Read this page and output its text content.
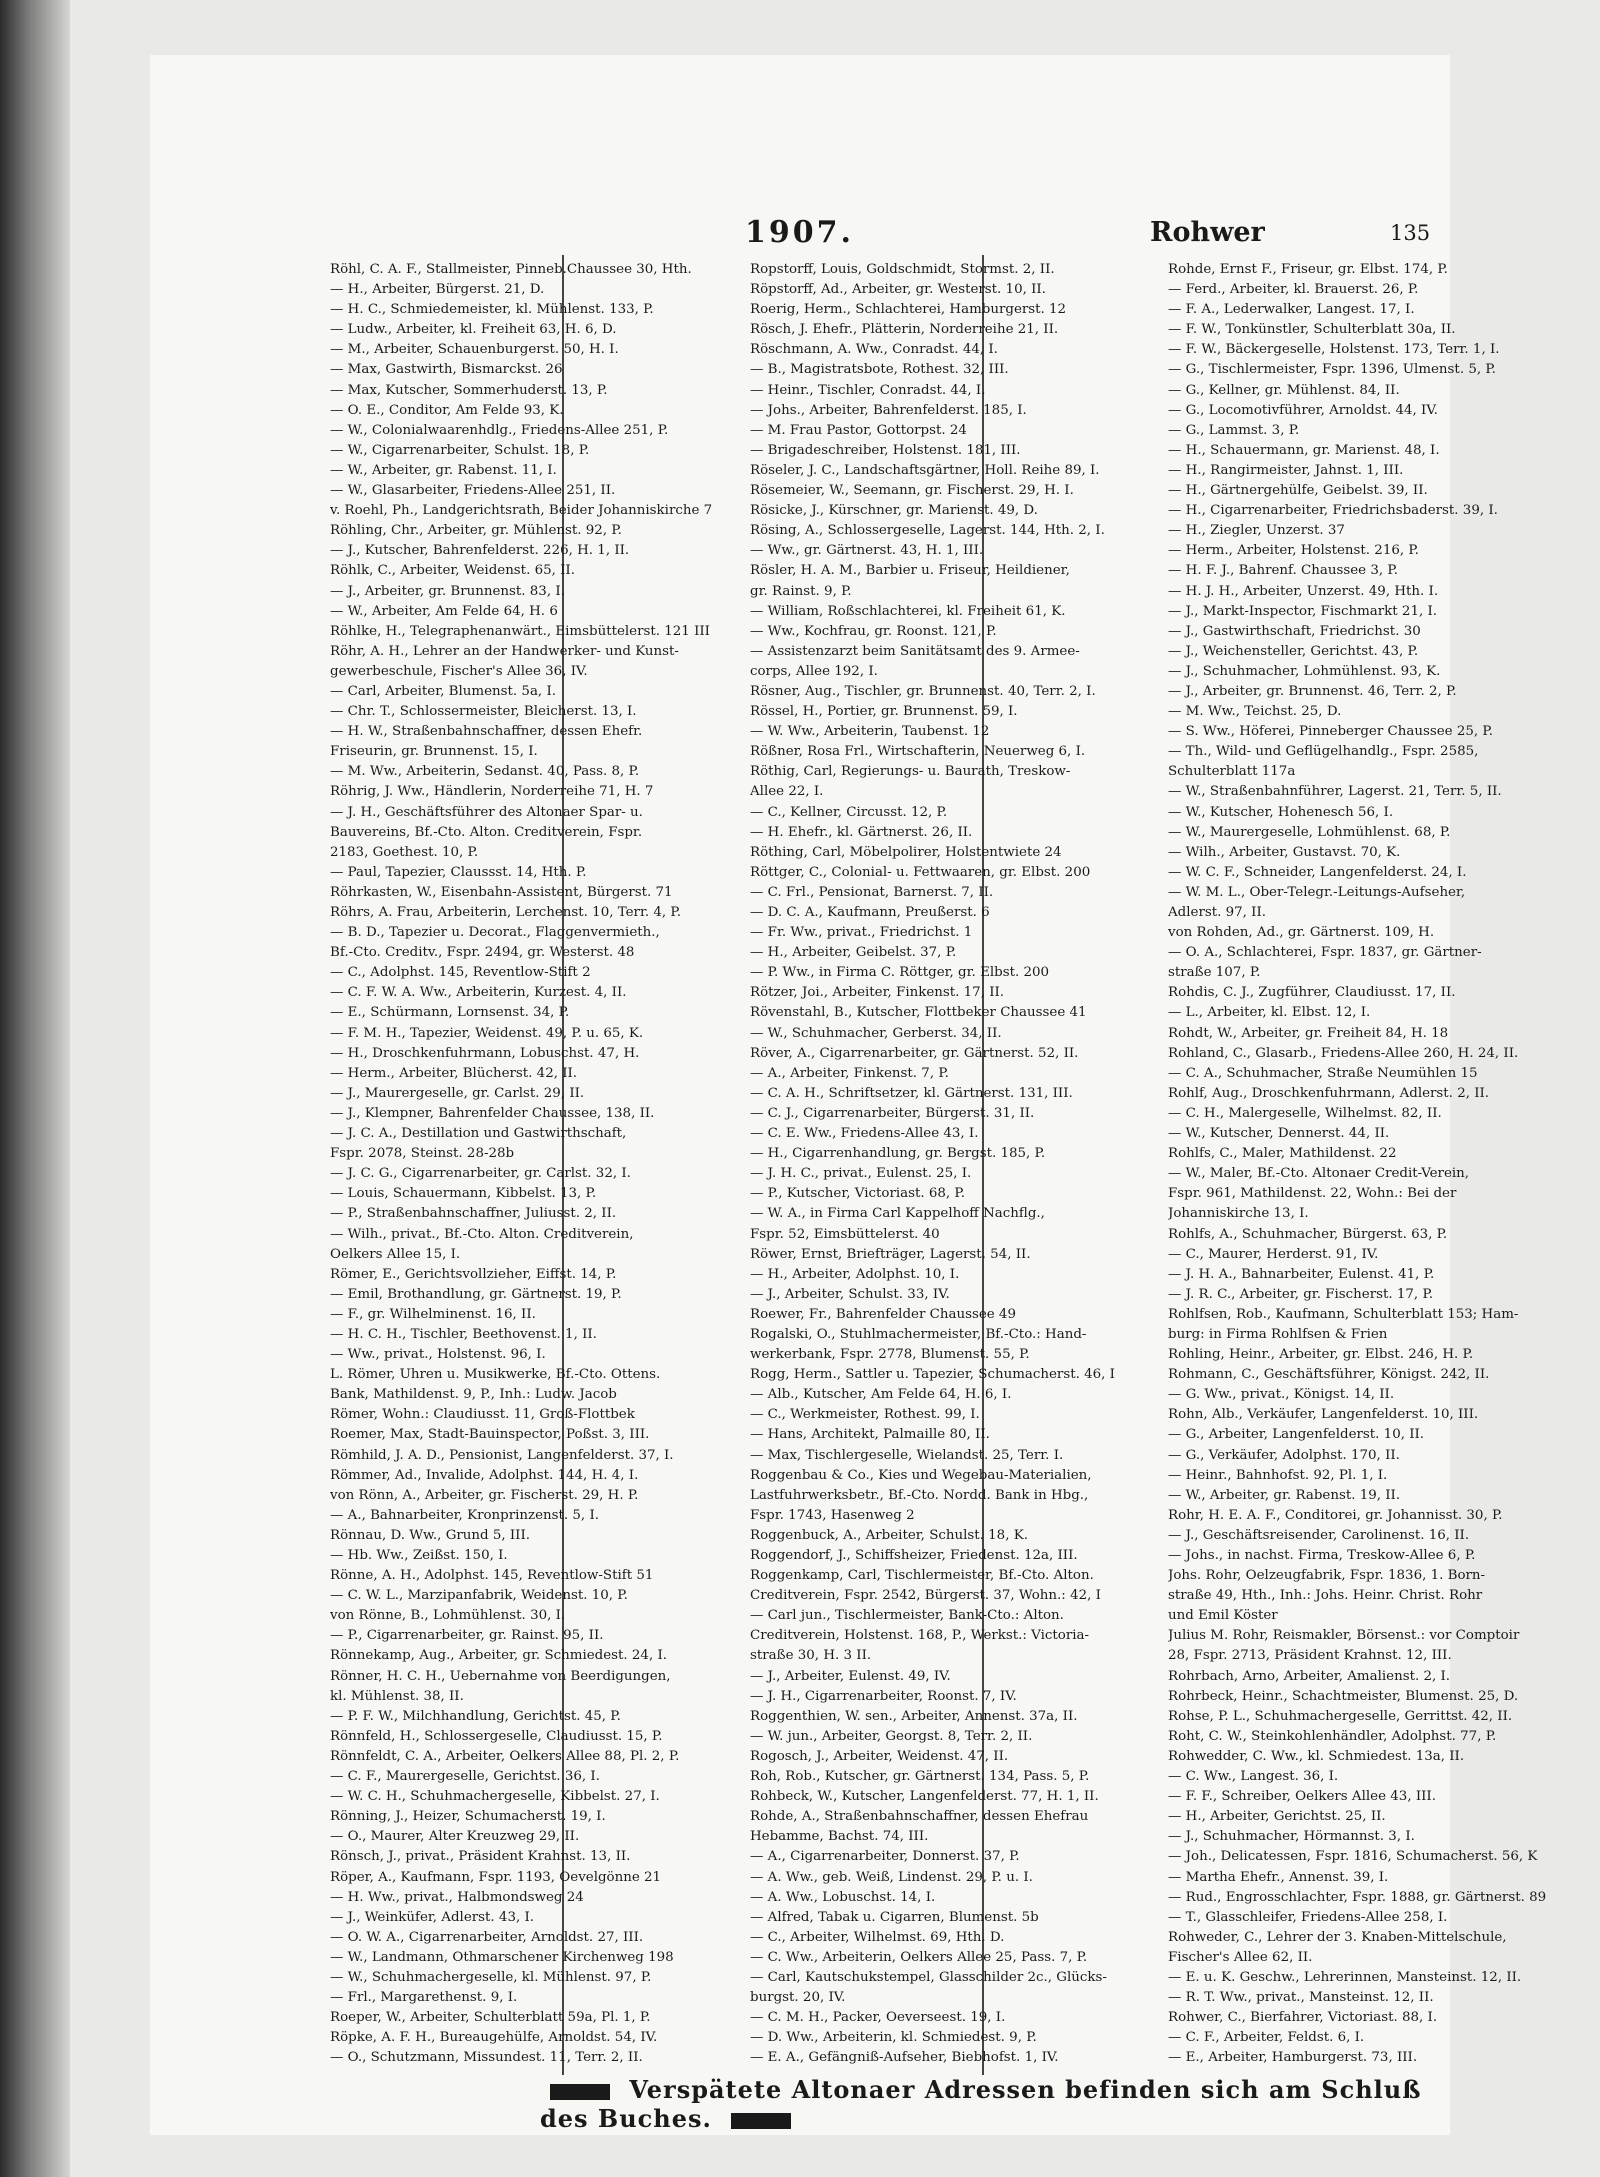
1907.	Rohwer	135
Röhl, C. A. F., Stallmeister, Pinneb.Chaussee 30, Hth.
— H., Arbeiter, Bürgerst. 21, D.
— H. C., Schmiedemeister, kl. Mühlenst. 133, P.
— Ludw., Arbeiter, kl. Freiheit 63, H. 6, D.
— M., Arbeiter, Schauenburgerst. 50, H. I.
— Max, Gastwirth, Bismarckst. 26
— Max, Kutscher, Sommerhuderst. 13, P.
— O. E., Conditor, Am Felde 93, K.
— W., Colonialwaarenhdlg., Friedens-Allee 251, P.
— W., Cigarrenarbeiter, Schulst. 18, P.
— W., Arbeiter, gr. Rabenst. 11, I.
— W., Glasarbeiter, Friedens-Allee 251, II.
v. Roehl, Ph., Landgerichtsrath, Beider Johanniskirche 7
Röhling, Chr., Arbeiter, gr. Mühlenst. 92, P.
— J., Kutscher, Bahrenfelderst. 226, H. 1, II.
Röhlk, C., Arbeiter, Weidenst. 65, II.
— J., Arbeiter, gr. Brunnenst. 83, I.
— W., Arbeiter, Am Felde 64, H. 6
Röhlke, H., Telegraphenanwärt., Eimsbüttelerst. 121 III
Röhr, A. H., Lehrer an der Handwerker- und Kunst-
gewerbeschule, Fischer's Allee 36, IV.
— Carl, Arbeiter, Blumenst. 5a, I.
— Chr. T., Schlossermeister, Bleicherst. 13, I.
— H. W., Straßenbahnschaffner, dessen Ehefr.
Friseurin, gr. Brunnenst. 15, I.
— M. Ww., Arbeiterin, Sedanst. 40, Pass. 8, P.
Röhrig, J. Ww., Händlerin, Norderreihe 71, H. 7
— J. H., Geschäftsführer des Altonaer Spar- u.
Bauvereins, Bf.-Cto. Alton. Creditverein, Fspr.
2183, Goethest. 10, P.
— Paul, Tapezier, Claussst. 14, Hth. P.
Röhrkasten, W., Eisenbahn-Assistent, Bürgerst. 71
Röhrs, A. Frau, Arbeiterin, Lerchenst. 10, Terr. 4, P.
— B. D., Tapezier u. Decorat., Flaggenvermieth.,
Bf.-Cto. Creditv., Fspr. 2494, gr. Westerst. 48
— C., Adolphst. 145, Reventlow-Stift 2
— C. F. W. A. Ww., Arbeiterin, Kurzest. 4, II.
— E., Schürmann, Lornsenst. 34, P.
— F. M. H., Tapezier, Weidenst. 49, P. u. 65, K.
— H., Droschkenfuhrmann, Lobuschst. 47, H.
— Herm., Arbeiter, Blücherst. 42, II.
— J., Maurergeselle, gr. Carlst. 29, II.
— J., Klempner, Bahrenfelder Chaussee, 138, II.
— J. C. A., Destillation und Gastwirthschaft,
Fspr. 2078, Steinst. 28-28b
— J. C. G., Cigarrenarbeiter, gr. Carlst. 32, I.
— Louis, Schauermann, Kibbelst. 13, P.
— P., Straßenbahnschaffner, Juliusst. 2, II.
— Wilh., privat., Bf.-Cto. Alton. Creditverein,
Oelkers Allee 15, I.
Römer, E., Gerichtsvollzieher, Eiffst. 14, P.
— Emil, Brothandlung, gr. Gärtnerst. 19, P.
— F., gr. Wilhelminenst. 16, II.
— H. C. H., Tischler, Beethovenst. 1, II.
— Ww., privat., Holstenst. 96, I.
L. Römer, Uhren u. Musikwerke, Bf.-Cto. Ottens.
Bank, Mathildenst. 9, P., Inh.: Ludw. Jacob
Römer, Wohn.: Claudiusst. 11, Groß-Flottbek
Roemer, Max, Stadt-Bauinspector, Poßst. 3, III.
Römhild, J. A. D., Pensionist, Langenfelderst. 37, I.
Römmer, Ad., Invalide, Adolphst. 144, H. 4, I.
von Rönn, A., Arbeiter, gr. Fischerst. 29, H. P.
— A., Bahnarbeiter, Kronprinzenst. 5, I.
Rönnau, D. Ww., Grund 5, III.
— Hb. Ww., Zeißst. 150, I.
Rönne, A. H., Adolphst. 145, Reventlow-Stift 51
— C. W. L., Marzipanfabrik, Weidenst. 10, P.
von Rönne, B., Lohmühlenst. 30, I.
— P., Cigarrenarbeiter, gr. Rainst. 95, II.
Rönnekamp, Aug., Arbeiter, gr. Schmiedest. 24, I.
Rönner, H. C. H., Uebernahme von Beerdigungen,
kl. Mühlenst. 38, II.
— P. F. W., Milchhandlung, Gerichtst. 45, P.
Rönnfeld, H., Schlossergeselle, Claudiusst. 15, P.
Rönnfeldt, C. A., Arbeiter, Oelkers Allee 88, Pl. 2, P.
— C. F., Maurergeselle, Gerichtst. 36, I.
— W. C. H., Schuhmachergeselle, Kibbelst. 27, I.
Rönning, J., Heizer, Schumacherst. 19, I.
— O., Maurer, Alter Kreuzweg 29, II.
Rönsch, J., privat., Präsident Krahnst. 13, II.
Röper, A., Kaufmann, Fspr. 1193, Oevelgönne 21
— H. Ww., privat., Halbmondsweg 24
— J., Weinküfer, Adlerst. 43, I.
— O. W. A., Cigarrenarbeiter, Arnoldst. 27, III.
— W., Landmann, Othmarschener Kirchenweg 198
— W., Schuhmachergeselle, kl. Mühlenst. 97, P.
— Frl., Margarethenst. 9, I.
Roeper, W., Arbeiter, Schulterblatt 59a, Pl. 1, P.
Röpke, A. F. H., Bureaugehülfe, Arnoldst. 54, IV.
— O., Schutzmann, Missundest. 11, Terr. 2, II.
Ropstorff, Louis, Goldschmidt, Stormst. 2, II.
Röpstorff, Ad., Arbeiter, gr. Westerst. 10, II.
Roerig, Herm., Schlachterei, Hamburgerst. 12
Rösch, J. Ehefr., Plätterin, Norderreihe 21, II.
Röschmann, A. Ww., Conradst. 44, I.
— B., Magistratsbote, Rothest. 32, III.
— Heinr., Tischler, Conradst. 44, I.
— Johs., Arbeiter, Bahrenfelderst. 185, I.
— M. Frau Pastor, Gottorpst. 24
— Brigadeschreiber, Holstenst. 181, III.
Röseler, J. C., Landschaftsgärtner, Holl. Reihe 89, I.
Rösemeier, W., Seemann, gr. Fischerst. 29, H. I.
Rösicke, J., Kürschner, gr. Marienst. 49, D.
Rösing, A., Schlossergeselle, Lagerst. 144, Hth. 2, I.
— Ww., gr. Gärtnerst. 43, H. 1, III.
Rösler, H. A. M., Barbier u. Friseur, Heildiener,
gr. Rainst. 9, P.
— William, Roßschlachterei, kl. Freiheit 61, K.
— Ww., Kochfrau, gr. Roonst. 121, P.
— Assistenzarzt beim Sanitätsamt des 9. Armee-
corps, Allee 192, I.
Rösner, Aug., Tischler, gr. Brunnenst. 40, Terr. 2, I.
Rössel, H., Portier, gr. Brunnenst. 59, I.
— W. Ww., Arbeiterin, Taubenst. 12
Rößner, Rosa Frl., Wirtschafterin, Neuerweg 6, I.
Röthig, Carl, Regierungs- u. Baurath, Treskow-
Allee 22, I.
— C., Kellner, Circusst. 12, P.
— H. Ehefr., kl. Gärtnerst. 26, II.
Röthing, Carl, Möbelpolirer, Holstentwiete 24
Röttger, C., Colonial- u. Fettwaaren, gr. Elbst. 200
— C. Frl., Pensionat, Barnerst. 7, II.
— D. C. A., Kaufmann, Preußerst. 6
— Fr. Ww., privat., Friedrichst. 1
— H., Arbeiter, Geibelst. 37, P.
— P. Ww., in Firma C. Röttger, gr. Elbst. 200
Rötzer, Joi., Arbeiter, Finkenst. 17, II.
Rövenstahl, B., Kutscher, Flottbeker Chaussee 41
— W., Schuhmacher, Gerberst. 34, II.
Röver, A., Cigarrenarbeiter, gr. Gärtnerst. 52, II.
— A., Arbeiter, Finkenst. 7, P.
— C. A. H., Schriftsetzer, kl. Gärtnerst. 131, III.
— C. J., Cigarrenarbeiter, Bürgerst. 31, II.
— C. E. Ww., Friedens-Allee 43, I.
— H., Cigarrenhandlung, gr. Bergst. 185, P.
— J. H. C., privat., Eulenst. 25, I.
— P., Kutscher, Victoriast. 68, P.
— W. A., in Firma Carl Kappelhoff Nachflg.,
Fspr. 52, Eimsbüttelerst. 40
Röwer, Ernst, Briefträger, Lagerst. 54, II.
— H., Arbeiter, Adolphst. 10, I.
— J., Arbeiter, Schulst. 33, IV.
Roewer, Fr., Bahrenfelder Chaussee 49
Rogalski, O., Stuhlmachermeister, Bf.-Cto.: Hand-
werkerbank, Fspr. 2778, Blumenst. 55, P.
Rogg, Herm., Sattler u. Tapezier, Schumacherst. 46, I
— Alb., Kutscher, Am Felde 64, H. 6, I.
— C., Werkmeister, Rothest. 99, I.
— Hans, Architekt, Palmaille 80, II.
— Max, Tischlergeselle, Wielandst. 25, Terr. I.
Roggenbau & Co., Kies und Wegebau-Materialien,
Lastfuhrwerksbetr., Bf.-Cto. Nordd. Bank in Hbg.,
Fspr. 1743, Hasenweg 2
Roggenbuck, A., Arbeiter, Schulst. 18, K.
Roggendorf, J., Schiffsheizer, Friedenst. 12a, III.
Roggenkamp, Carl, Tischlermeister, Bf.-Cto. Alton.
Creditverein, Fspr. 2542, Bürgerst. 37, Wohn.: 42, I
— Carl jun., Tischlermeister, Bank-Cto.: Alton.
Creditverein, Holstenst. 168, P., Werkst.: Victoria-
straße 30, H. 3 II.
— J., Arbeiter, Eulenst. 49, IV.
— J. H., Cigarrenarbeiter, Roonst. 7, IV.
Roggenthien, W. sen., Arbeiter, Annenst. 37a, II.
— W. jun., Arbeiter, Georgst. 8, Terr. 2, II.
Rogosch, J., Arbeiter, Weidenst. 47, II.
Roh, Rob., Kutscher, gr. Gärtnerst. 134, Pass. 5, P.
Rohbeck, W., Kutscher, Langenfelderst. 77, H. 1, II.
Rohde, A., Straßenbahnschaffner, dessen Ehefrau
Hebamme, Bachst. 74, III.
— A., Cigarrenarbeiter, Donnerst. 37, P.
— A. Ww., geb. Weiß, Lindenst. 29, P. u. I.
— A. Ww., Lobuschst. 14, I.
— Alfred, Tabak u. Cigarren, Blumenst. 5b
— C., Arbeiter, Wilhelmst. 69, Hth. D.
— C. Ww., Arbeiterin, Oelkers Allee 25, Pass. 7, P.
— Carl, Kautschukstempel, Glasschilder 2c., Glücks-
burgst. 20, IV.
— C. M. H., Packer, Oeverseest. 19, I.
— D. Ww., Arbeiterin, kl. Schmiedest. 9, P.
— E. A., Gefängniß-Aufseher, Biebhofst. 1, IV.
Rohde, Ernst F., Friseur, gr. Elbst. 174, P.
— Ferd., Arbeiter, kl. Brauerst. 26, P.
— F. A., Lederwalker, Langest. 17, I.
— F. W., Tonkünstler, Schulterblatt 30a, II.
— F. W., Bäckergeselle, Holstenst. 173, Terr. 1, I.
— G., Tischlermeister, Fspr. 1396, Ulmenst. 5, P.
— G., Kellner, gr. Mühlenst. 84, II.
— G., Locomotivführer, Arnoldst. 44, IV.
— G., Lammst. 3, P.
— H., Schauermann, gr. Marienst. 48, I.
— H., Rangirmeister, Jahnst. 1, III.
— H., Gärtnergehülfe, Geibelst. 39, II.
— H., Cigarrenarbeiter, Friedrichsbaderst. 39, I.
— H., Ziegler, Unzerst. 37
— Herm., Arbeiter, Holstenst. 216, P.
— H. F. J., Bahrenf. Chaussee 3, P.
— H. J. H., Arbeiter, Unzerst. 49, Hth. I.
— J., Markt-Inspector, Fischmarkt 21, I.
— J., Gastwirthschaft, Friedrichst. 30
— J., Weichensteller, Gerichtst. 43, P.
— J., Schuhmacher, Lohmühlenst. 93, K.
— J., Arbeiter, gr. Brunnenst. 46, Terr. 2, P.
— M. Ww., Teichst. 25, D.
— S. Ww., Höferei, Pinneberger Chaussee 25, P.
— Th., Wild- und Geflügelhandlg., Fspr. 2585,
Schulterblatt 117a
— W., Straßenbahnführer, Lagerst. 21, Terr. 5, II.
— W., Kutscher, Hohenesch 56, I.
— W., Maurergeselle, Lohmühlenst. 68, P.
— Wilh., Arbeiter, Gustavst. 70, K.
— W. C. F., Schneider, Langenfelderst. 24, I.
— W. M. L., Ober-Telegr.-Leitungs-Aufseher,
Adlerst. 97, II.
von Rohden, Ad., gr. Gärtnerst. 109, H.
— O. A., Schlachterei, Fspr. 1837, gr. Gärtner-
straße 107, P.
Rohdis, C. J., Zugführer, Claudiusst. 17, II.
— L., Arbeiter, kl. Elbst. 12, I.
Rohdt, W., Arbeiter, gr. Freiheit 84, H. 18
Rohland, C., Glasarb., Friedens-Allee 260, H. 24, II.
— C. A., Schuhmacher, Straße Neumühlen 15
Rohlf, Aug., Droschkenfuhrmann, Adlerst. 2, II.
— C. H., Malergeselle, Wilhelmst. 82, II.
— W., Kutscher, Dennerst. 44, II.
Rohlfs, C., Maler, Mathildenst. 22
— W., Maler, Bf.-Cto. Altonaer Credit-Verein,
Fspr. 961, Mathildenst. 22, Wohn.: Bei der
Johanniskirche 13, I.
Rohlfs, A., Schuhmacher, Bürgerst. 63, P.
— C., Maurer, Herderst. 91, IV.
— J. H. A., Bahnarbeiter, Eulenst. 41, P.
— J. R. C., Arbeiter, gr. Fischerst. 17, P.
Rohlfsen, Rob., Kaufmann, Schulterblatt 153; Ham-
burg: in Firma Rohlfsen & Frien
Rohling, Heinr., Arbeiter, gr. Elbst. 246, H. P.
Rohmann, C., Geschäftsführer, Königst. 242, II.
— G. Ww., privat., Königst. 14, II.
Rohn, Alb., Verkäufer, Langenfelderst. 10, III.
— G., Arbeiter, Langenfelderst. 10, II.
— G., Verkäufer, Adolphst. 170, II.
— Heinr., Bahnhofst. 92, Pl. 1, I.
— W., Arbeiter, gr. Rabenst. 19, II.
Rohr, H. E. A. F., Conditorei, gr. Johannisst. 30, P.
— J., Geschäftsreisender, Carolinenst. 16, II.
— Johs., in nachst. Firma, Treskow-Allee 6, P.
Johs. Rohr, Oelzeugfabrik, Fspr. 1836, 1. Born-
straße 49, Hth., Inh.: Johs. Heinr. Christ. Rohr
und Emil Köster
Julius M. Rohr, Reismakler, Börsenst.: vor Comptoir
28, Fspr. 2713, Präsident Krahnst. 12, III.
Rohrbach, Arno, Arbeiter, Amalienst. 2, I.
Rohrbeck, Heinr., Schachtmeister, Blumenst. 25, D.
Rohse, P. L., Schuhmachergeselle, Gerrittst. 42, II.
Roht, C. W., Steinkohlenhändler, Adolphst. 77, P.
Rohwedder, C. Ww., kl. Schmiedest. 13a, II.
— C. Ww., Langest. 36, I.
— F. F., Schreiber, Oelkers Allee 43, III.
— H., Arbeiter, Gerichtst. 25, II.
— J., Schuhmacher, Hörmannst. 3, I.
— Joh., Delicatessen, Fspr. 1816, Schumacherst. 56, K
— Martha Ehefr., Annenst. 39, I.
— Rud., Engrosschlachter, Fspr. 1888, gr. Gärtnerst. 89
— T., Glasschleifer, Friedens-Allee 258, I.
Rohweder, C., Lehrer der 3. Knaben-Mittelschule,
Fischer's Allee 62, II.
— E. u. K. Geschw., Lehrerinnen, Mansteinst. 12, II.
— R. T. Ww., privat., Mansteinst. 12, II.
Rohwer, C., Bierfahrer, Victoriast. 88, I.
— C. F., Arbeiter, Feldst. 6, I.
— E., Arbeiter, Hamburgerst. 73, III.
Verspätete Altonaer Adressen befinden sich am Schluß des Buches.
